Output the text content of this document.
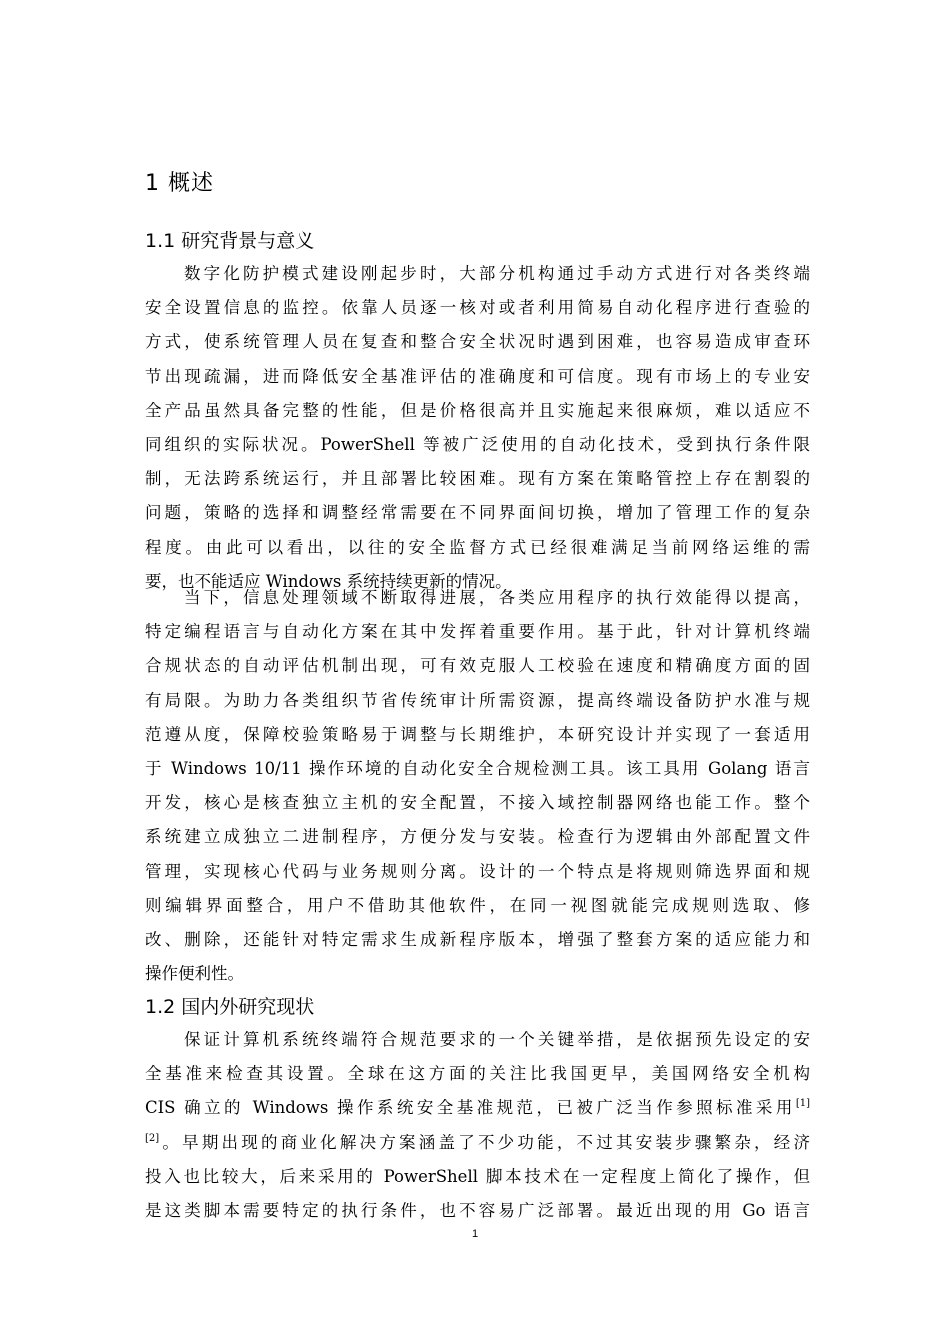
1 概述
1.1 研究背景与意义
数字化防护模式建设刚起步时，大部分机构通过手动方式进行对各类终端
安全设置信息的监控。依靠人员逐一核对或者利用简易自动化程序进行查验的
方式，使系统管理人员在复查和整合安全状况时遇到困难，也容易造成审查环
节出现疏漏，进而降低安全基准评估的准确度和可信度。现有市场上的专业安
全产品虽然具备完整的性能，但是价格很高并且实施起来很麻烦，难以适应不
同组织的实际状况。PowerShell 等被广泛使用的自动化技术，受到执行条件限
制，无法跨系统运行，并且部署比较困难。现有方案在策略管控上存在割裂的
问题，策略的选择和调整经常需要在不同界面间切换，增加了管理工作的复杂
程度。由此可以看出，以往的安全监督方式已经很难满足当前网络运维的需
要，也不能适应 Windows 系统持续更新的情况。
当下，信息处理领域不断取得进展，各类应用程序的执行效能得以提高，
特定编程语言与自动化方案在其中发挥着重要作用。基于此，针对计算机终端
合规状态的自动评估机制出现，可有效克服人工校验在速度和精确度方面的固
有局限。为助力各类组织节省传统审计所需资源，提高终端设备防护水准与规
范遵从度，保障校验策略易于调整与长期维护，本研究设计并实现了一套适用
于 Windows 10/11 操作环境的自动化安全合规检测工具。该工具用 Golang 语言
开发，核心是核查独立主机的安全配置，不接入域控制器网络也能工作。整个
系统建立成独立二进制程序，方便分发与安装。检查行为逻辑由外部配置文件
管理，实现核心代码与业务规则分离。设计的一个特点是将规则筛选界面和规
则编辑界面整合，用户不借助其他软件，在同一视图就能完成规则选取、修
改、删除，还能针对特定需求生成新程序版本，增强了整套方案的适应能力和
操作便利性。
1.2 国内外研究现状
保证计算机系统终端符合规范要求的一个关键举措，是依据预先设定的安
全基准来检查其设置。全球在这方面的关注比我国更早，美国网络安全机构
CIS 确立的 Windows 操作系统安全基准规范，已被广泛当作参照标准采用[1]
[2]。早期出现的商业化解决方案涵盖了不少功能，不过其安装步骤繁杂，经济
投入也比较大，后来采用的 PowerShell 脚本技术在一定程度上简化了操作，但
是这类脚本需要特定的执行条件，也不容易广泛部署。最近出现的用 Go 语言
1
